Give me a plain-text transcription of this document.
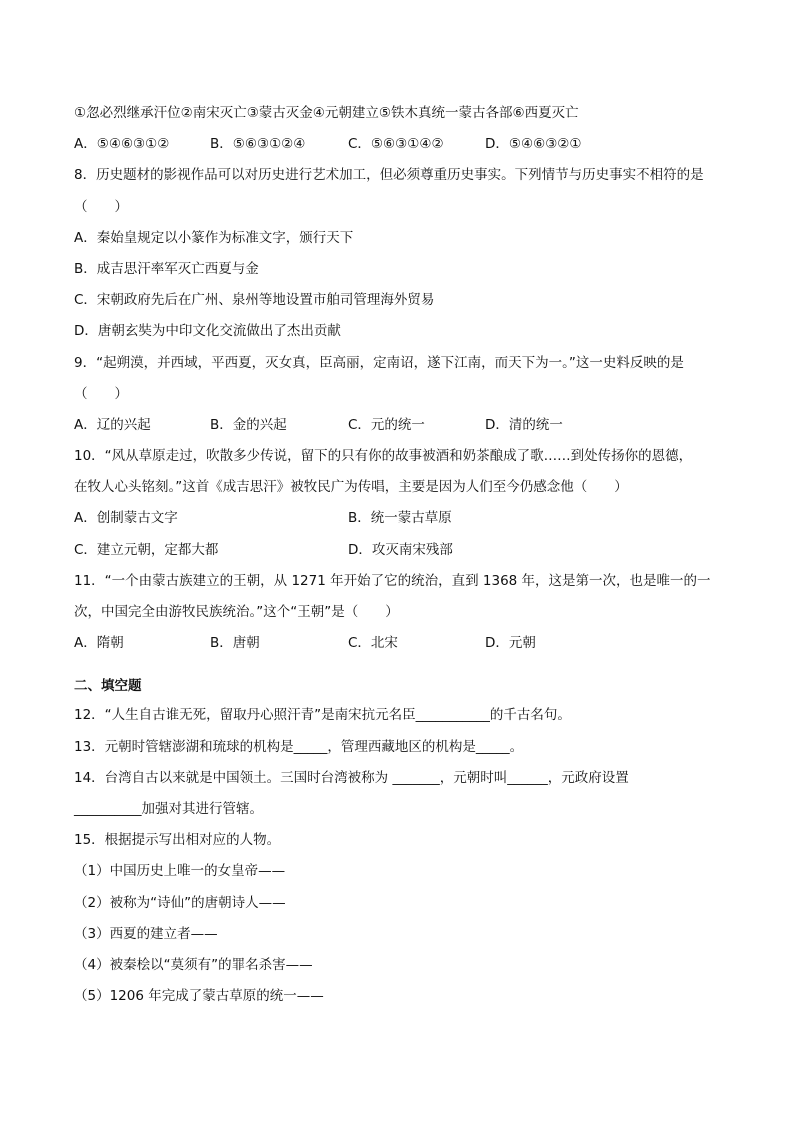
①忽必烈继承汗位②南宋灭亡③蒙古灭金④元朝建立⑤铁木真统一蒙古各部⑥西夏灭亡
A．⑤④⑥③①②	B．⑤⑥③①②④	C．⑤⑥③①④②	D．⑤④⑥③②①
8．历史题材的影视作品可以对历史进行艺术加工，但必须尊重历史事实。下列情节与历史事实不相符的是
（　　）
A．秦始皇规定以小篆作为标准文字，颁行天下
B．成吉思汗率军灭亡西夏与金
C．宋朝政府先后在广州、泉州等地设置市舶司管理海外贸易
D．唐朝玄奘为中印文化交流做出了杰出贡献
9．“起朔漠，并西域，平西夏，灭女真，臣高丽，定南诏，遂下江南，而天下为一。”这一史料反映的是
（　　）
A．辽的兴起	B．金的兴起	C．元的统一	D．清的统一
10．“风从草原走过，吹散多少传说，留下的只有你的故事被酒和奶茶酿成了歌……到处传扬你的恩德，
在牧人心头铭刻。”这首《成吉思汗》被牧民广为传唱，主要是因为人们至今仍感念他（　　）
A．创制蒙古文字	B．统一蒙古草原
C．建立元朝，定都大都	D．攻灭南宋残部
11．“一个由蒙古族建立的王朝，从 1271 年开始了它的统治，直到 1368 年，这是第一次，也是唯一的一
次，中国完全由游牧民族统治。”这个“王朝”是（　　）
A．隋朝	B．唐朝	C．北宋	D．元朝
二、填空题
12．“人生自古谁无死，留取丹心照汗青”是南宋抗元名臣___________的千古名句。
13．元朝时管辖澎湖和琉球的机构是_____，管理西藏地区的机构是_____。
14．台湾自古以来就是中国领土。三国时台湾被称为 _______，元朝时叫______，元政府设置
__________加强对其进行管辖。
15．根据提示写出相对应的人物。
（1）中国历史上唯一的女皇帝——
（2）被称为“诗仙”的唐朝诗人——
（3）西夏的建立者——
（4）被秦桧以“莫须有”的罪名杀害——
（5）1206 年完成了蒙古草原的统一——
